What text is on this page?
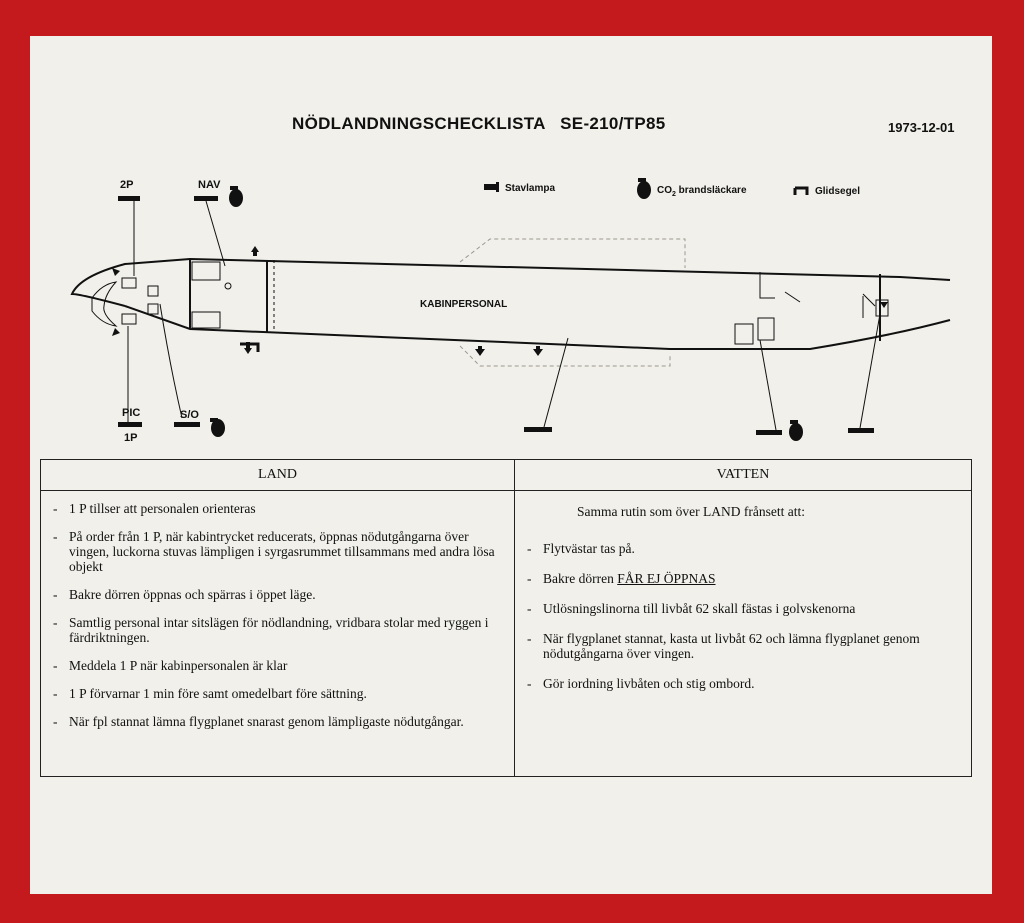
NÖDLANDNINGSCHECKLISTA   SE-210/TP85	1973-12-01
Stavlampa	$CO_2$ brandsläckare	Glidsegel
KABINPERSONAL
2P	NAV
PIC
1P
S/O
LAND
- 1 P tillser att personalen orienteras
- På order från 1 P, när kabintrycket reducerats, öppnas nödutgångarna över vingen, luckorna stuvas lämpligen i syrgasrummet tillsammans med andra lösa objekt
- Bakre dörren öppnas och spärras i öppet läge.
- Samtlig personal intar sitslägen för nödlandning, vridbara stolar med ryggen i färdriktningen.
- Meddela 1 P när kabinpersonalen är klar
- 1 P förvarnar 1 min före samt omedelbart före sättning.
- När fpl stannat lämna flygplanet snarast genom lämpligaste nödutgångar.
VATTEN
Samma rutin som över LAND frånsett att:
- Flytvästar tas på.
- Bakre dörren FÅR EJ ÖPPNAS
- Utlösningslinorna till livbåt 62 skall fästas i golvskenorna
- När flygplanet stannat, kasta ut livbåt 62 och lämna flygplanet genom nödutgångarna över vingen.
- Gör iordning livbåten och stig ombord.
